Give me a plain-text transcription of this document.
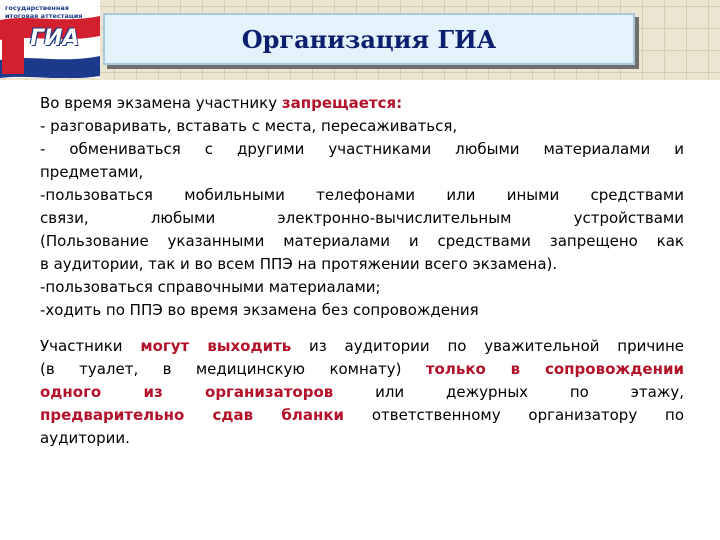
государственная
итоговая аттестация
ГИА	Организация ГИА
Во время экзамена участнику запрещается:
- разговаривать, вставать с места, пересаживаться,
- обмениваться с другими участниками любыми материалами и
предметами,
-пользоваться мобильными телефонами или иными средствами
связи, любыми электронно-вычислительным устройствами
(Пользование указанными материалами и средствами запрещено как
в аудитории, так и во всем ППЭ на протяжении всего экзамена).
-пользоваться справочными материалами;
-ходить по ППЭ во время экзамена без сопровождения
Участники могут выходить из аудитории по уважительной причине
(в туалет, в медицинскую комнату) только в сопровождении
одного из организаторов или дежурных по этажу,
предварительно сдав бланки ответственному организатору по
аудитории.
